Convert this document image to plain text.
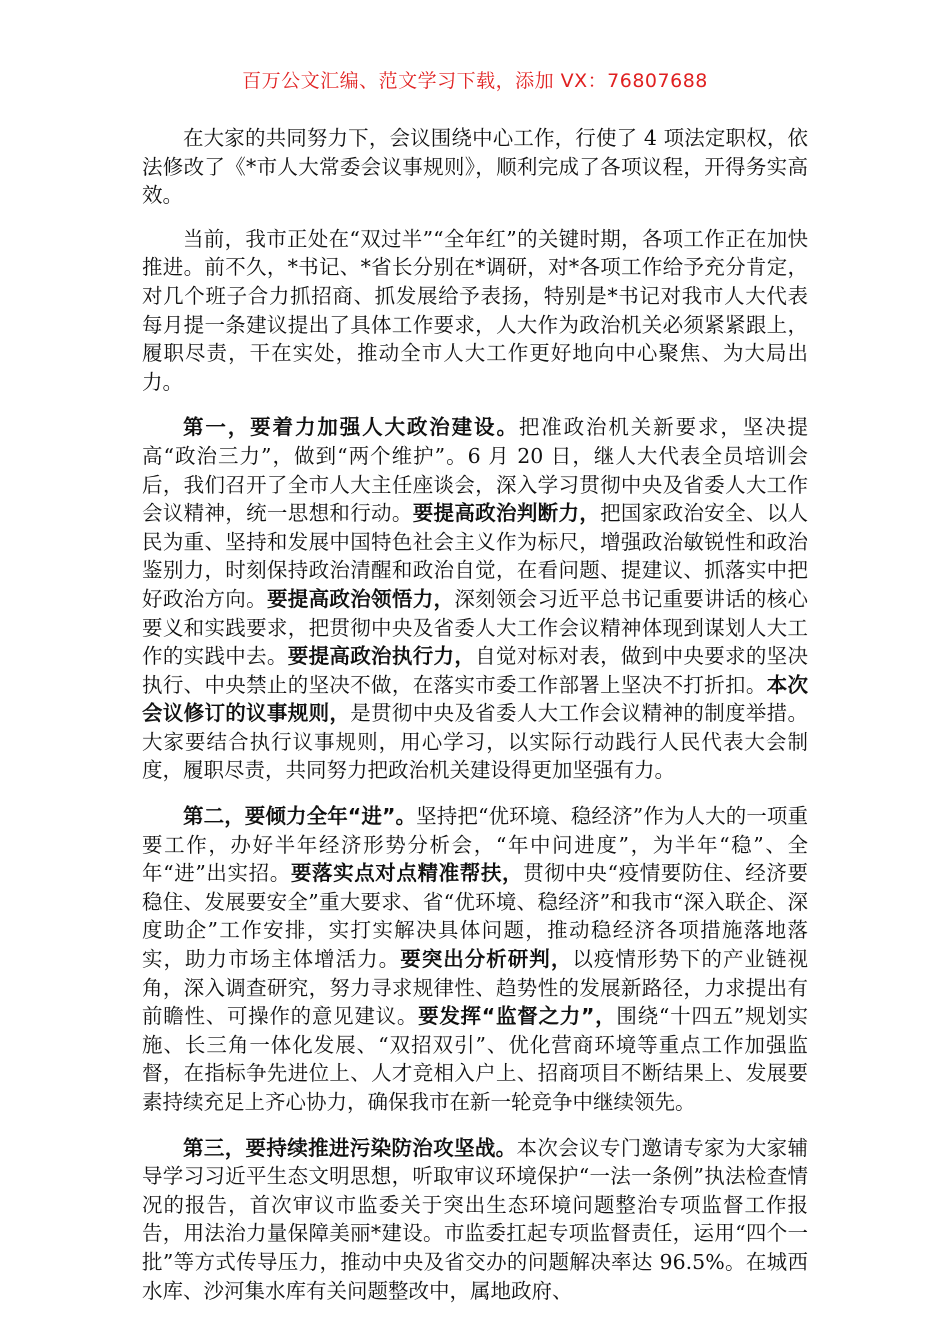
百万公文汇编、范文学习下载，添加 VX：76807688

在大家的共同努力下，会议围绕中心工作，行使了 4 项法定职权，依法修改了《*市人大常委会议事规则》，顺利完成了各项议程，开得务实高效。

当前，我市正处在“双过半”“全年红”的关键时期，各项工作正在加快推进。前不久，*书记、*省长分别在*调研，对*各项工作给予充分肯定，对几个班子合力抓招商、抓发展给予表扬，特别是*书记对我市人大代表每月提一条建议提出了具体工作要求，人大作为政治机关必须紧紧跟上，履职尽责，干在实处，推动全市人大工作更好地向中心聚焦、为大局出力。

第一，要着力加强人大政治建设。把准政治机关新要求，坚决提高“政治三力”，做到“两个维护”。6 月 20 日，继人大代表全员培训会后，我们召开了全市人大主任座谈会，深入学习贯彻中央及省委人大工作会议精神，统一思想和行动。要提高政治判断力，把国家政治安全、以人民为重、坚持和发展中国特色社会主义作为标尺，增强政治敏锐性和政治鉴别力，时刻保持政治清醒和政治自觉，在看问题、提建议、抓落实中把好政治方向。要提高政治领悟力，深刻领会习近平总书记重要讲话的核心要义和实践要求，把贯彻中央及省委人大工作会议精神体现到谋划人大工作的实践中去。要提高政治执行力，自觉对标对表，做到中央要求的坚决执行、中央禁止的坚决不做，在落实市委工作部署上坚决不打折扣。本次会议修订的议事规则，是贯彻中央及省委人大工作会议精神的制度举措。大家要结合执行议事规则，用心学习，以实际行动践行人民代表大会制度，履职尽责，共同努力把政治机关建设得更加坚强有力。

第二，要倾力全年“进”。坚持把“优环境、稳经济”作为人大的一项重要工作，办好半年经济形势分析会，“年中问进度”，为半年“稳”、全年“进”出实招。要落实点对点精准帮扶，贯彻中央“疫情要防住、经济要稳住、发展要安全”重大要求、省“优环境、稳经济”和我市“深入联企、深度助企”工作安排，实打实解决具体问题，推动稳经济各项措施落地落实，助力市场主体增活力。要突出分析研判，以疫情形势下的产业链视角，深入调查研究，努力寻求规律性、趋势性的发展新路径，力求提出有前瞻性、可操作的意见建议。要发挥“监督之力”，围绕“十四五”规划实施、长三角一体化发展、“双招双引”、优化营商环境等重点工作加强监督，在指标争先进位上、人才竞相入户上、招商项目不断结果上、发展要素持续充足上齐心协力，确保我市在新一轮竞争中继续领先。

第三，要持续推进污染防治攻坚战。本次会议专门邀请专家为大家辅导学习习近平生态文明思想，听取审议环境保护“一法一条例”执法检查情况的报告，首次审议市监委关于突出生态环境问题整治专项监督工作报告，用法治力量保障美丽*建设。市监委扛起专项监督责任，运用“四个一批”等方式传导压力，推动中央及省交办的问题解决率达 96.5%。在城西水库、沙河集水库有关问题整改中，属地政府、
